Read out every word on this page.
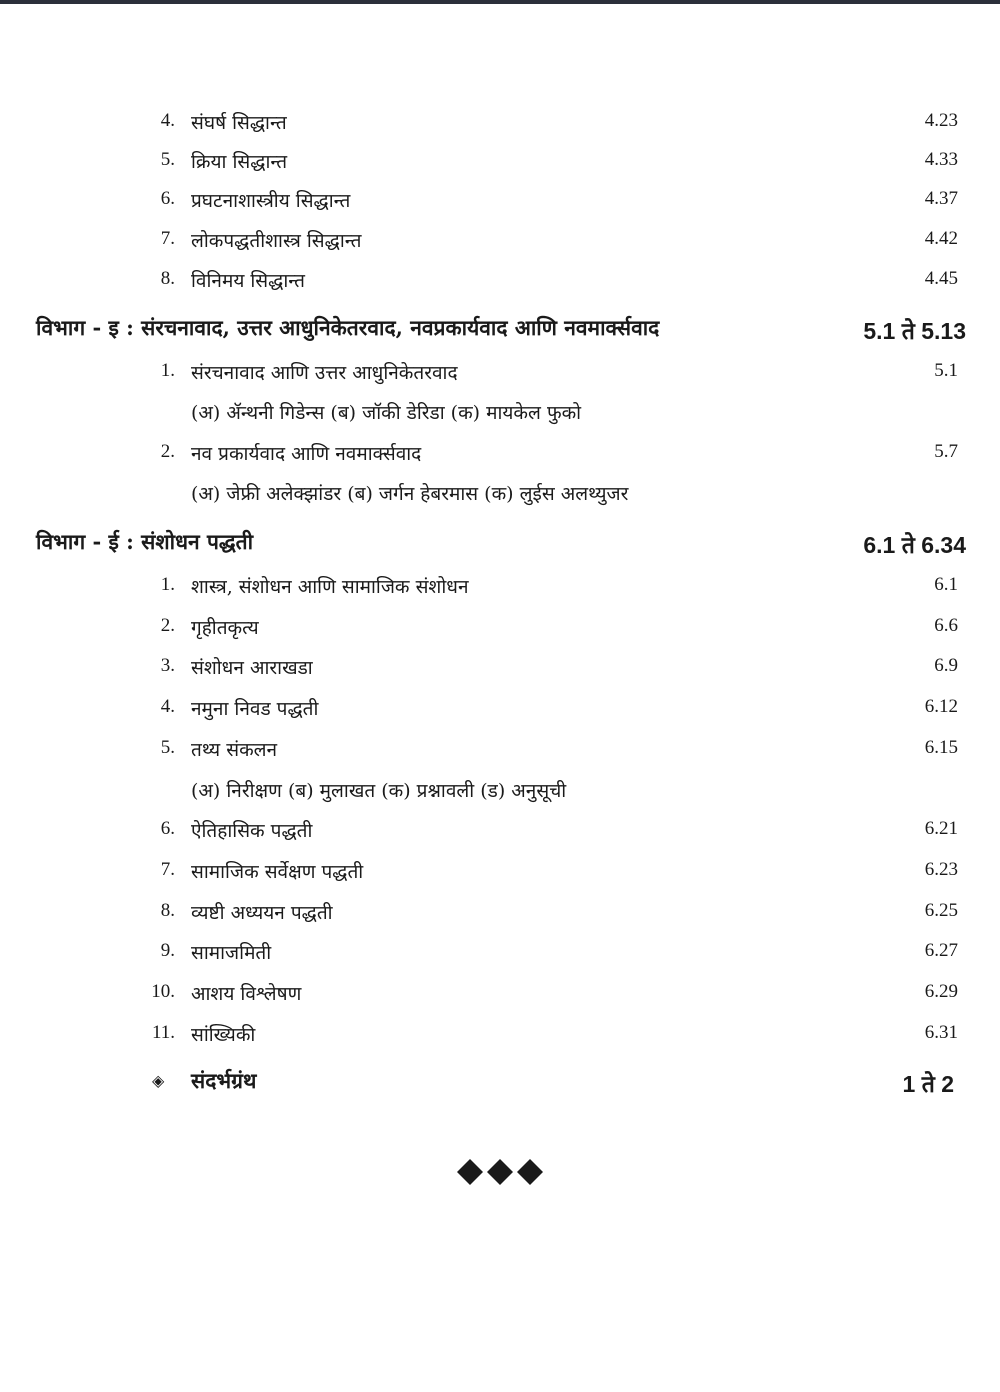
4. संघर्ष सिद्धान्त	4.23
5. क्रिया सिद्धान्त	4.33
6. प्रघटनाशास्त्रीय सिद्धान्त	4.37
7. लोकपद्धतीशास्त्र सिद्धान्त	4.42
8. विनिमय सिद्धान्त	4.45
विभाग - इ : संरचनावाद, उत्तर आधुनिकेतरवाद, नवप्रकार्यवाद आणि नवमार्क्सवाद	5.1 ते 5.13
1. संरचनावाद आणि उत्तर आधुनिकेतरवाद	5.1
(अ) ॲन्थनी गिडेन्स (ब) जॉकी डेरिडा (क) मायकेल फुको
2. नव प्रकार्यवाद आणि नवमार्क्सवाद	5.7
(अ) जेफ्री अलेक्झांडर (ब) जर्गन हेबरमास (क) लुईस अलथ्युजर
विभाग - ई : संशोधन पद्धती	6.1 ते 6.34
1. शास्त्र, संशोधन आणि सामाजिक संशोधन	6.1
2. गृहीतकृत्य	6.6
3. संशोधन आराखडा	6.9
4. नमुना निवड पद्धती	6.12
5. तथ्य संकलन	6.15
(अ) निरीक्षण (ब) मुलाखत (क) प्रश्नावली (ड) अनुसूची
6. ऐतिहासिक पद्धती	6.21
7. सामाजिक सर्वेक्षण पद्धती	6.23
8. व्यष्टी अध्ययन पद्धती	6.25
9. सामाजमिती	6.27
10. आशय विश्लेषण	6.29
11. सांख्यिकी	6.31
◈ संदर्भग्रंथ	1 ते 2
